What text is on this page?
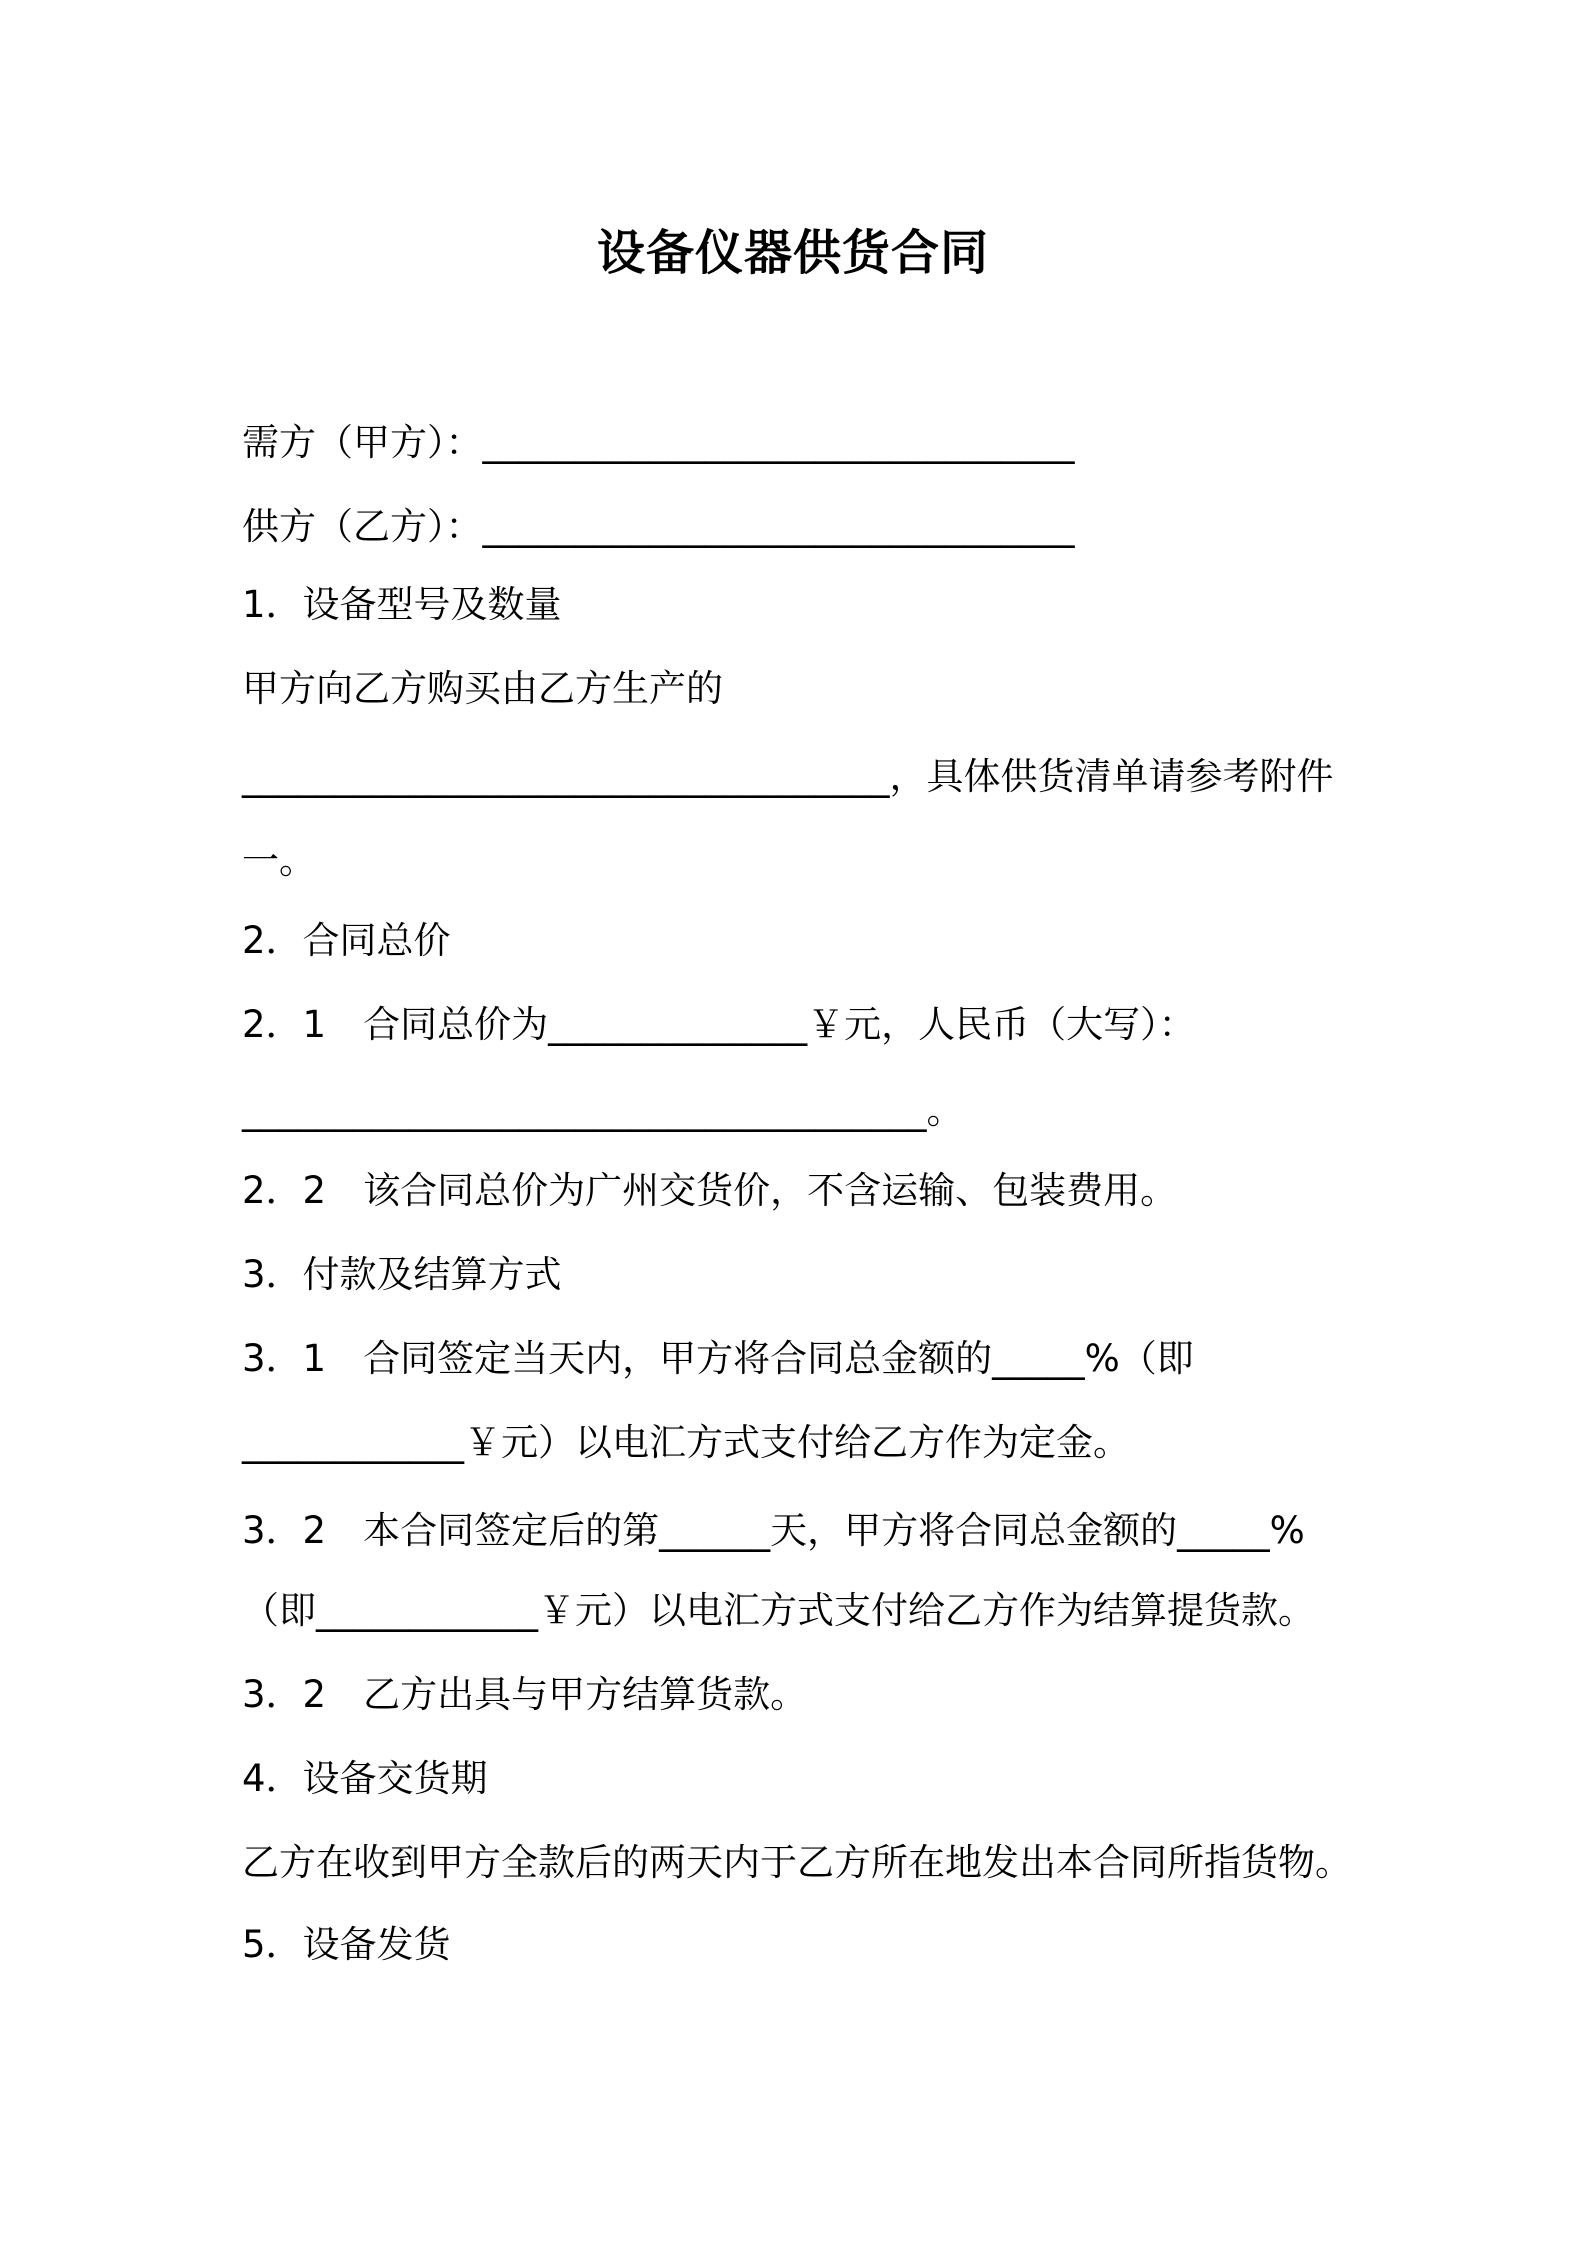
设备仪器供货合同
需方（甲方）：________________________________
供方（乙方）：________________________________
1．设备型号及数量
甲方向乙方购买由乙方生产的
___________________________________，具体供货清单请参考附件
一。
2．合同总价
2．1　合同总价为______________￥元，人民币（大写）：
_____________________________________。
2．2　该合同总价为广州交货价，不含运输、包装费用。
3．付款及结算方式
3．1　合同签定当天内，甲方将合同总金额的_____%（即
____________￥元）以电汇方式支付给乙方作为定金。
3．2　本合同签定后的第______天，甲方将合同总金额的_____%
（即____________￥元）以电汇方式支付给乙方作为结算提货款。
3．2　乙方出具与甲方结算货款。
4．设备交货期
乙方在收到甲方全款后的两天内于乙方所在地发出本合同所指货物。
5．设备发货
